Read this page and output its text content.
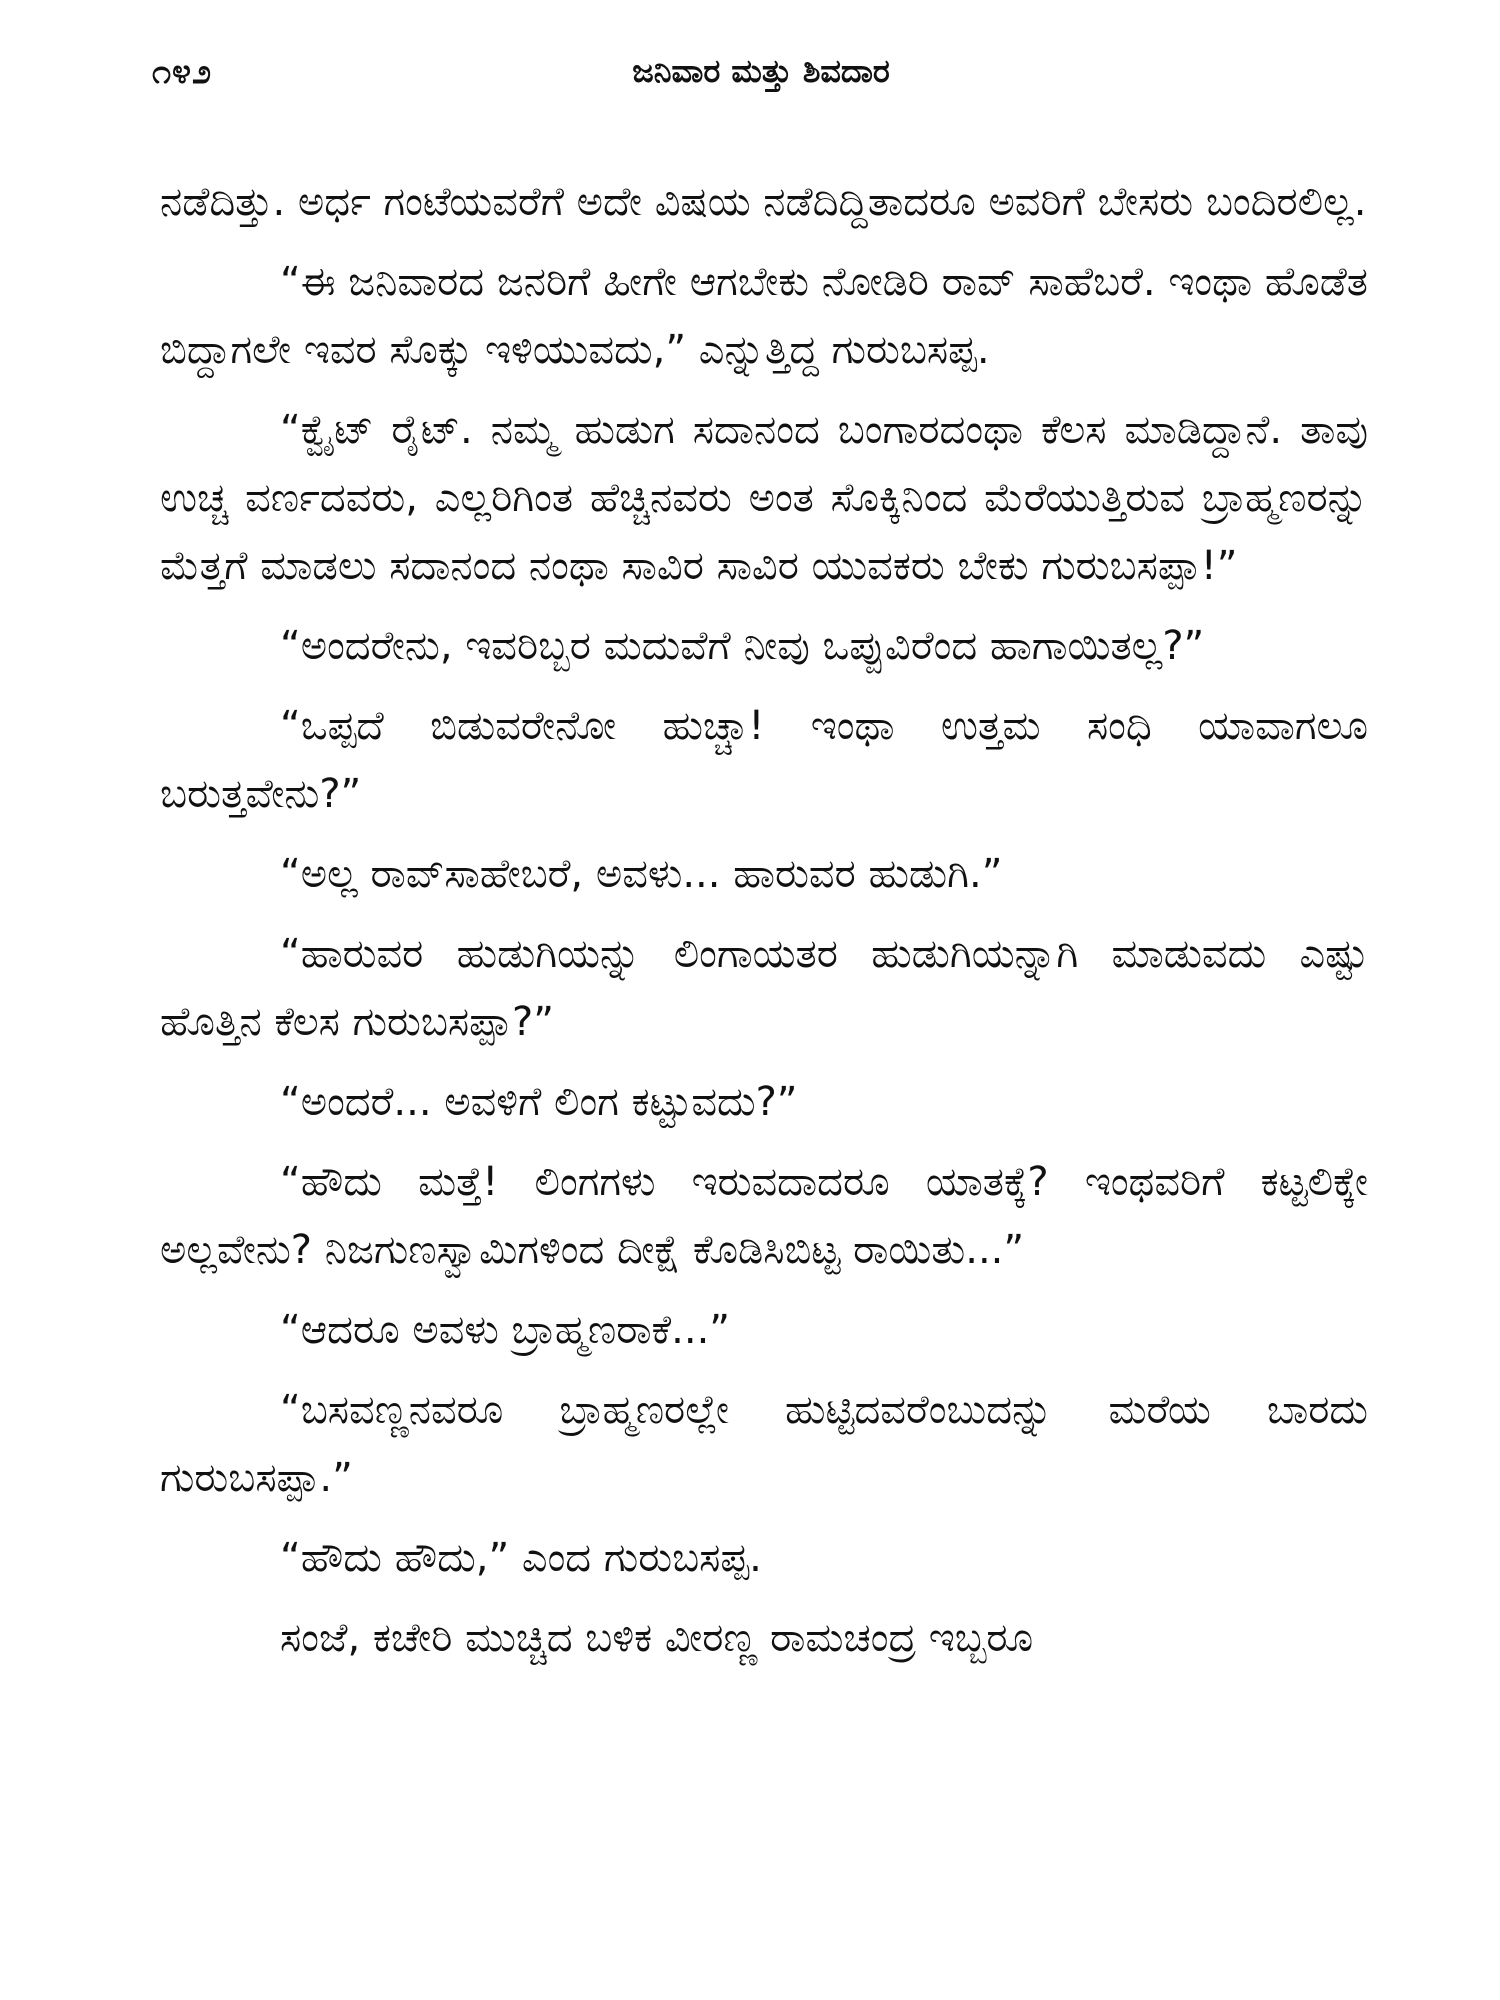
೧೪೨	ಜನಿವಾರ ಮತ್ತು ಶಿವದಾರ

ನಡೆದಿತ್ತು. ಅರ್ಧ ಗಂಟೆಯವರೆಗೆ ಅದೇ ವಿಷಯ ನಡೆದಿದ್ದಿತಾದರೂ ಅವರಿಗೆ ಬೇಸರು ಬಂದಿರಲಿಲ್ಲ.

“ಈ ಜನಿವಾರದ ಜನರಿಗೆ ಹೀಗೇ ಆಗಬೇಕು ನೋಡಿರಿ ರಾವ್ ಸಾಹೆಬರೆ. ಇಂಥಾ ಹೊಡೆತ ಬಿದ್ದಾಗಲೇ ಇವರ ಸೊಕ್ಕು ಇಳಿಯುವದು,” ಎನ್ನುತ್ತಿದ್ದ ಗುರುಬಸಪ್ಪ.

“ಕ್ವೈಟ್ ರೈಟ್. ನಮ್ಮ ಹುಡುಗ ಸದಾನಂದ ಬಂಗಾರದಂಥಾ ಕೆಲಸ ಮಾಡಿದ್ದಾನೆ. ತಾವು ಉಚ್ಚ ವರ್ಣದವರು, ಎಲ್ಲರಿಗಿಂತ ಹೆಚ್ಚಿನವರು ಅಂತ ಸೊಕ್ಕಿನಿಂದ ಮೆರೆಯುತ್ತಿರುವ ಬ್ರಾಹ್ಮಣರನ್ನು ಮೆತ್ತಗೆ ಮಾಡಲು ಸದಾನಂದ ನಂಥಾ ಸಾವಿರ ಸಾವಿರ ಯುವಕರು ಬೇಕು ಗುರುಬಸಪ್ಪಾ!”

“ಅಂದರೇನು, ಇವರಿಬ್ಬರ ಮದುವೆಗೆ ನೀವು ಒಪ್ಪುವಿರೆಂದ ಹಾಗಾಯಿತಲ್ಲ?”

“ಒಪ್ಪದೆ ಬಿಡುವರೇನೋ ಹುಚ್ಚಾ! ಇಂಥಾ ಉತ್ತಮ ಸಂಧಿ ಯಾವಾಗಲೂ ಬರುತ್ತವೇನು?”

“ಅಲ್ಲ ರಾವ್‌ಸಾಹೇಬರೆ, ಅವಳು... ಹಾರುವರ ಹುಡುಗಿ.”

“ಹಾರುವರ ಹುಡುಗಿಯನ್ನು ಲಿಂಗಾಯತರ ಹುಡುಗಿಯನ್ನಾಗಿ ಮಾಡುವದು ಎಷ್ಟು ಹೊತ್ತಿನ ಕೆಲಸ ಗುರುಬಸಪ್ಪಾ?”

“ಅಂದರೆ... ಅವಳಿಗೆ ಲಿಂಗ ಕಟ್ಟುವದು?”

“ಹೌದು ಮತ್ತೆ! ಲಿಂಗಗಳು ಇರುವದಾದರೂ ಯಾತಕ್ಕೆ? ಇಂಥವರಿಗೆ ಕಟ್ಟಲಿಕ್ಕೇ ಅಲ್ಲವೇನು? ನಿಜಗುಣಸ್ವಾಮಿಗಳಿಂದ ದೀಕ್ಷೆ ಕೊಡಿಸಿಬಿಟ್ಟ ರಾಯಿತು...”

“ಆದರೂ ಅವಳು ಬ್ರಾಹ್ಮಣರಾಕೆ...”

“ಬಸವಣ್ಣನವರೂ ಬ್ರಾಹ್ಮಣರಲ್ಲೇ ಹುಟ್ಟಿದವರೆಂಬುದನ್ನು ಮರೆಯ ಬಾರದು ಗುರುಬಸಪ್ಪಾ.”

“ಹೌದು ಹೌದು,” ಎಂದ ಗುರುಬಸಪ್ಪ.

ಸಂಜೆ, ಕಚೇರಿ ಮುಚ್ಚಿದ ಬಳಿಕ ವೀರಣ್ಣ ರಾಮಚಂದ್ರ ಇಬ್ಬರೂ
